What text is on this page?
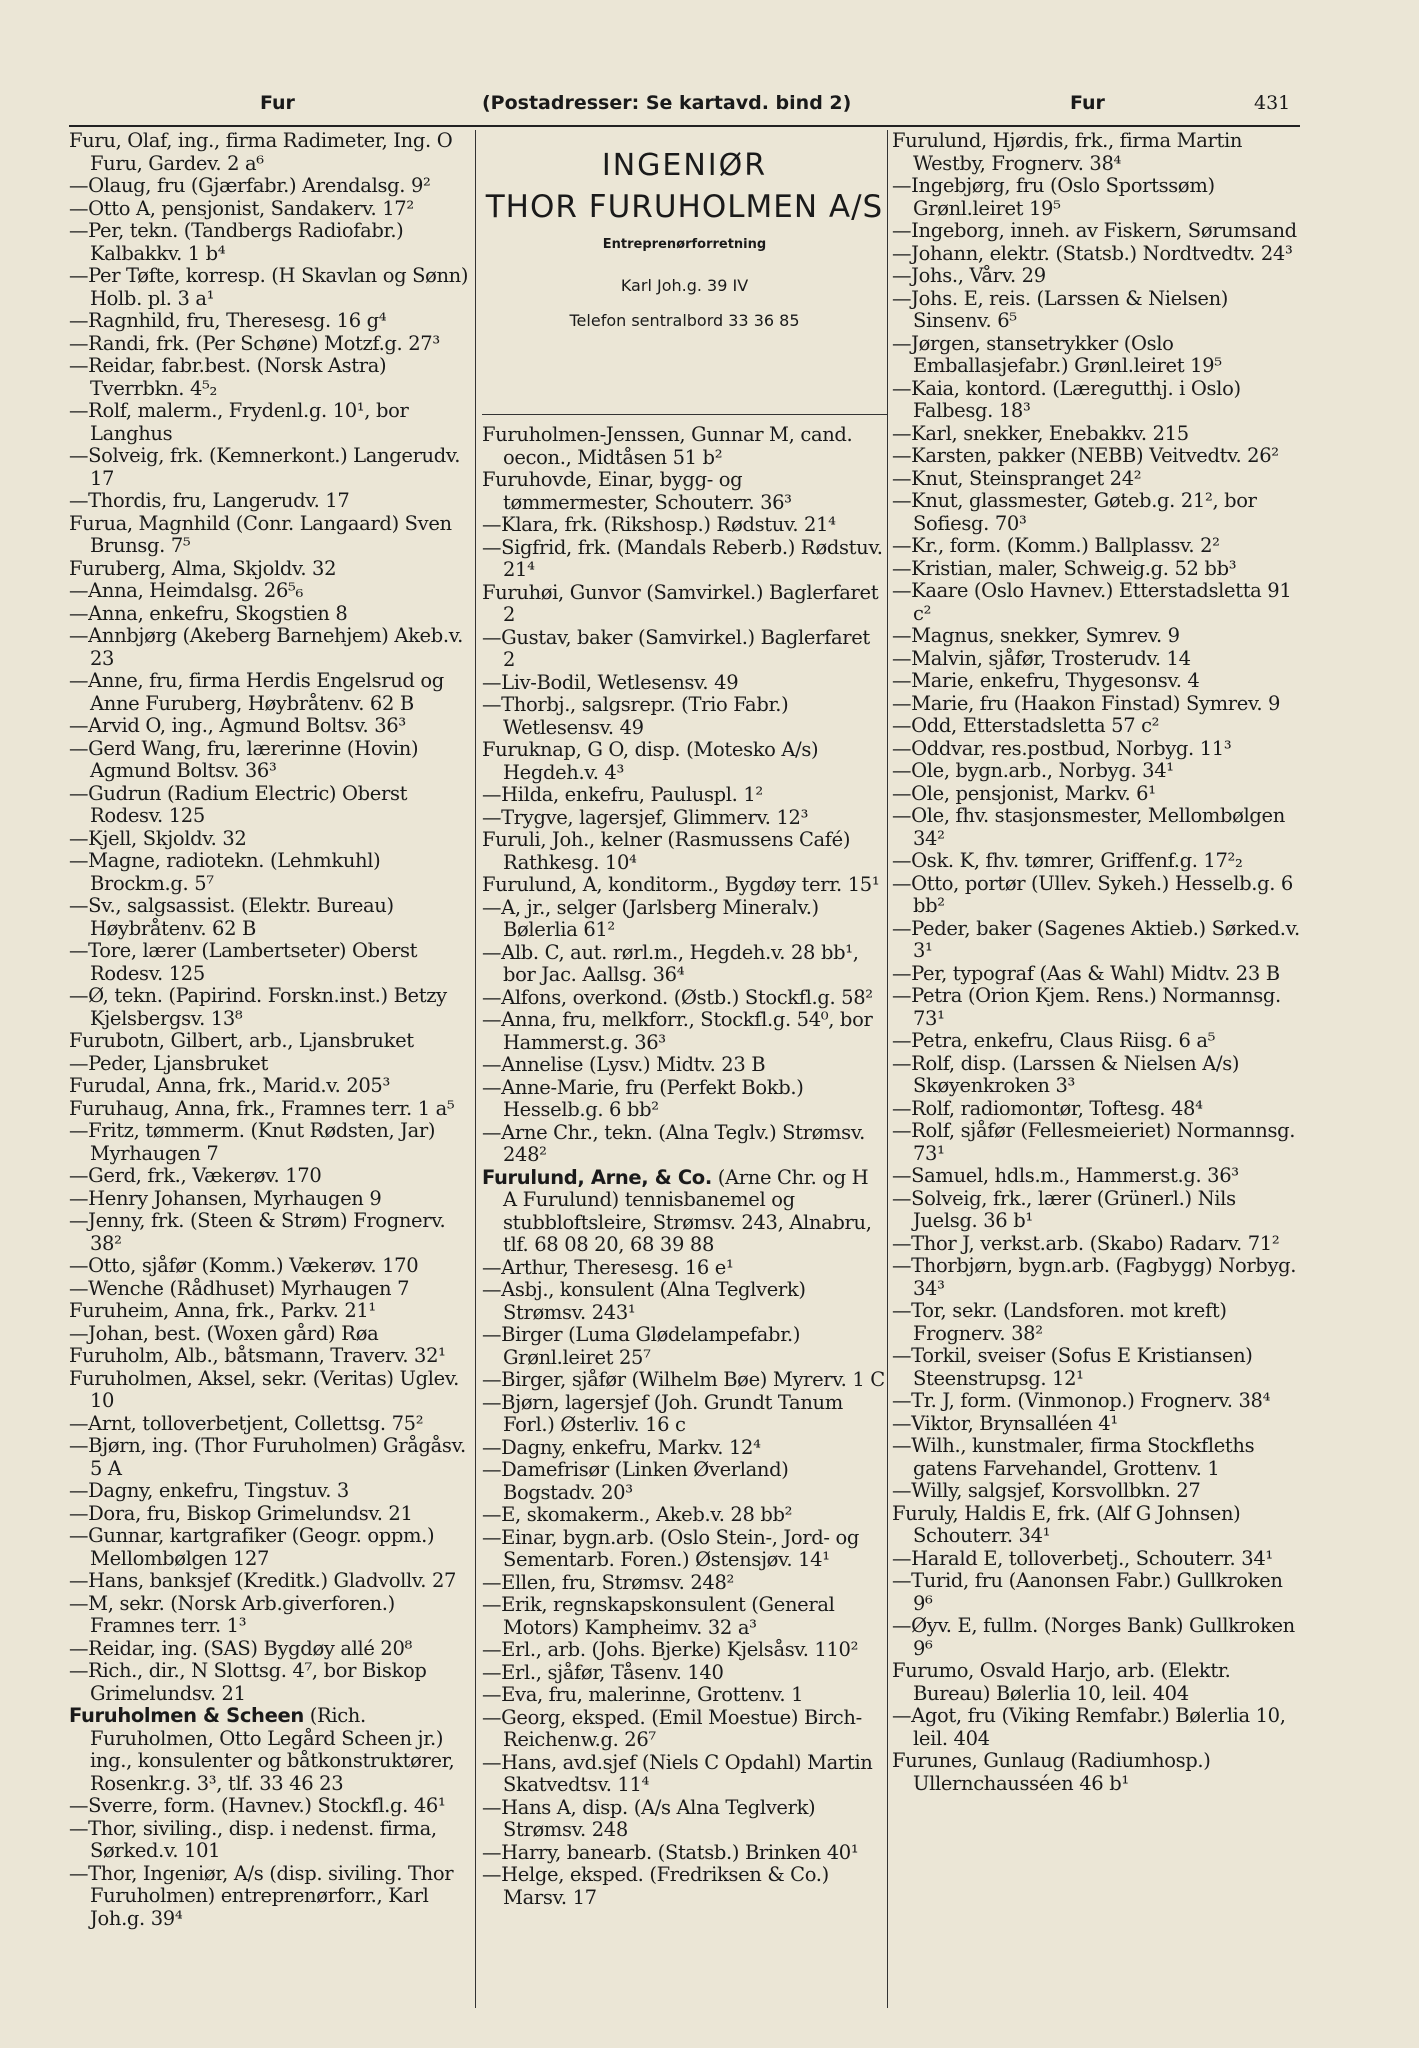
Fur	(Postadresser: Se kartavd. bind 2)	Fur	431

Furu, Olaf, ing., firma Radimeter, Ing. O Furu, Gardev. 2 a⁶

—Olaug, fru (Gjærfabr.) Arendalsg. 9²

—Otto A, pensjonist, Sandakerv. 17²

—Per, tekn. (Tandbergs Radiofabr.) Kalbakkv. 1 b⁴

—Per Tøfte, korresp. (H Skavlan og Sønn) Holb. pl. 3 a¹

—Ragnhild, fru, Theresesg. 16 g⁴

—Randi, frk. (Per Schøne) Motzf.g. 27³

—Reidar, fabr.best. (Norsk Astra) Tverrbkn. 4⁵₂

—Rolf, malerm., Frydenl.g. 10¹, bor Langhus

—Solveig, frk. (Kemnerkont.) Langerudv. 17

—Thordis, fru, Langerudv. 17

Furua, Magnhild (Conr. Langaard) Sven Brunsg. 7⁵

Furuberg, Alma, Skjoldv. 32

—Anna, Heimdalsg. 26⁵₆

—Anna, enkefru, Skogstien 8

—Annbjørg (Akeberg Barnehjem) Akeb.v. 23

—Anne, fru, firma Herdis Engelsrud og Anne Furuberg, Høybråtenv. 62 B

—Arvid O, ing., Agmund Boltsv. 36³

—Gerd Wang, fru, lærerinne (Hovin) Agmund Boltsv. 36³

—Gudrun (Radium Electric) Oberst Rodesv. 125

—Kjell, Skjoldv. 32

—Magne, radiotekn. (Lehmkuhl) Brockm.g. 5⁷

—Sv., salgsassist. (Elektr. Bureau) Høybråtenv. 62 B

—Tore, lærer (Lambertseter) Oberst Rodesv. 125

—Ø, tekn. (Papirind. Forskn.inst.) Betzy Kjelsbergsv. 13⁸

Furubotn, Gilbert, arb., Ljansbruket

—Peder, Ljansbruket

Furudal, Anna, frk., Marid.v. 205³

Furuhaug, Anna, frk., Framnes terr. 1 a⁵

—Fritz, tømmerm. (Knut Rødsten, Jar) Myrhaugen 7

—Gerd, frk., Vækerøv. 170

—Henry Johansen, Myrhaugen 9

—Jenny, frk. (Steen & Strøm) Frognerv. 38²

—Otto, sjåfør (Komm.) Vækerøv. 170

—Wenche (Rådhuset) Myrhaugen 7

Furuheim, Anna, frk., Parkv. 21¹

—Johan, best. (Woxen gård) Røa

Furuholm, Alb., båtsmann, Traverv. 32¹

Furuholmen, Aksel, sekr. (Veritas) Uglev. 10

—Arnt, tolloverbetjent, Collettsg. 75²

—Bjørn, ing. (Thor Furuholmen) Grågåsv. 5 A

—Dagny, enkefru, Tingstuv. 3

—Dora, fru, Biskop Grimelundsv. 21

—Gunnar, kartgrafiker (Geogr. oppm.) Mellombølgen 127

—Hans, banksjef (Kreditk.) Gladvollv. 27

—M, sekr. (Norsk Arb.giverforen.) Framnes terr. 1³

—Reidar, ing. (SAS) Bygdøy allé 20⁸

—Rich., dir., N Slottsg. 4⁷, bor Biskop Grimelundsv. 21

Furuholmen & Scheen (Rich. Furuholmen, Otto Legård Scheen jr.) ing., konsulenter og båtkonstruktører, Rosenkr.g. 3³, tlf. 33 46 23

—Sverre, form. (Havnev.) Stockfl.g. 46¹

—Thor, siviling., disp. i nedenst. firma, Sørked.v. 101

—Thor, Ingeniør, A/s (disp. siviling. Thor Furuholmen) entreprenørforr., Karl Joh.g. 39⁴

INGENIØR
THOR FURUHOLMEN A/S
Entreprenørforretning
Karl Joh.g. 39 IV
Telefon sentralbord 33 36 85

Furuholmen-Jenssen, Gunnar M, cand. oecon., Midtåsen 51 b²

Furuhovde, Einar, bygg- og tømmermester, Schouterr. 36³

—Klara, frk. (Rikshosp.) Rødstuv. 21⁴

—Sigfrid, frk. (Mandals Reberb.) Rødstuv. 21⁴

Furuhøi, Gunvor (Samvirkel.) Baglerfaret 2

—Gustav, baker (Samvirkel.) Baglerfaret 2

—Liv-Bodil, Wetlesensv. 49

—Thorbj., salgsrepr. (Trio Fabr.) Wetlesensv. 49

Furuknap, G O, disp. (Motesko A/s) Hegdeh.v. 4³

—Hilda, enkefru, Pauluspl. 1²

—Trygve, lagersjef, Glimmerv. 12³

Furuli, Joh., kelner (Rasmussens Café) Rathkesg. 10⁴

Furulund, A, konditorm., Bygdøy terr. 15¹

—A, jr., selger (Jarlsberg Mineralv.) Bølerlia 61²

—Alb. C, aut. rørl.m., Hegdeh.v. 28 bb¹, bor Jac. Aallsg. 36⁴

—Alfons, overkond. (Østb.) Stockfl.g. 58²

—Anna, fru, melkforr., Stockfl.g. 54⁰, bor Hammerst.g. 36³

—Annelise (Lysv.) Midtv. 23 B

—Anne-Marie, fru (Perfekt Bokb.) Hesselb.g. 6 bb²

—Arne Chr., tekn. (Alna Teglv.) Strømsv. 248²

Furulund, Arne, & Co. (Arne Chr. og H A Furulund) tennisbanemel og stubbloftsleire, Strømsv. 243, Alnabru, tlf. 68 08 20, 68 39 88

—Arthur, Theresesg. 16 e¹

—Asbj., konsulent (Alna Teglverk) Strømsv. 243¹

—Birger (Luma Glødelampefabr.) Grønl.leiret 25⁷

—Birger, sjåfør (Wilhelm Bøe) Myrerv. 1 C

—Bjørn, lagersjef (Joh. Grundt Tanum Forl.) Østerliv. 16 c

—Dagny, enkefru, Markv. 12⁴

—Damefrisør (Linken Øverland) Bogstadv. 20³

—E, skomakerm., Akeb.v. 28 bb²

—Einar, bygn.arb. (Oslo Stein-, Jord- og Sementarb. Foren.) Østensjøv. 14¹

—Ellen, fru, Strømsv. 248²

—Erik, regnskapskonsulent (General Motors) Kampheimv. 32 a³

—Erl., arb. (Johs. Bjerke) Kjelsåsv. 110²

—Erl., sjåfør, Tåsenv. 140

—Eva, fru, malerinne, Grottenv. 1

—Georg, eksped. (Emil Moestue) Birch-Reichenw.g. 26⁷

—Hans, avd.sjef (Niels C Opdahl) Martin Skatvedtsv. 11⁴

—Hans A, disp. (A/s Alna Teglverk) Strømsv. 248

—Harry, banearb. (Statsb.) Brinken 40¹

—Helge, eksped. (Fredriksen & Co.) Marsv. 17

Furulund, Hjørdis, frk., firma Martin Westby, Frognerv. 38⁴

—Ingebjørg, fru (Oslo Sportssøm) Grønl.leiret 19⁵

—Ingeborg, inneh. av Fiskern, Sørumsand

—Johann, elektr. (Statsb.) Nordtvedtv. 24³

—Johs., Vårv. 29

—Johs. E, reis. (Larssen & Nielsen) Sinsenv. 6⁵

—Jørgen, stansetrykker (Oslo Emballasjefabr.) Grønl.leiret 19⁵

—Kaia, kontord. (Læregutthj. i Oslo) Falbesg. 18³

—Karl, snekker, Enebakkv. 215

—Karsten, pakker (NEBB) Veitvedtv. 26²

—Knut, Steinspranget 24²

—Knut, glassmester, Gøteb.g. 21², bor Sofiesg. 70³

—Kr., form. (Komm.) Ballplassv. 2²

—Kristian, maler, Schweig.g. 52 bb³

—Kaare (Oslo Havnev.) Etterstadsletta 91 c²

—Magnus, snekker, Symrev. 9

—Malvin, sjåfør, Trosterudv. 14

—Marie, enkefru, Thygesonsv. 4

—Marie, fru (Haakon Finstad) Symrev. 9

—Odd, Etterstadsletta 57 c²

—Oddvar, res.postbud, Norbyg. 11³

—Ole, bygn.arb., Norbyg. 34¹

—Ole, pensjonist, Markv. 6¹

—Ole, fhv. stasjonsmester, Mellombølgen 34²

—Osk. K, fhv. tømrer, Griffenf.g. 17²₂

—Otto, portør (Ullev. Sykeh.) Hesselb.g. 6 bb²

—Peder, baker (Sagenes Aktieb.) Sørked.v. 3¹

—Per, typograf (Aas & Wahl) Midtv. 23 B

—Petra (Orion Kjem. Rens.) Normannsg. 73¹

—Petra, enkefru, Claus Riisg. 6 a⁵

—Rolf, disp. (Larssen & Nielsen A/s) Skøyenkroken 3³

—Rolf, radiomontør, Toftesg. 48⁴

—Rolf, sjåfør (Fellesmeieriet) Normannsg. 73¹

—Samuel, hdls.m., Hammerst.g. 36³

—Solveig, frk., lærer (Grünerl.) Nils Juelsg. 36 b¹

—Thor J, verkst.arb. (Skabo) Radarv. 71²

—Thorbjørn, bygn.arb. (Fagbygg) Norbyg. 34³

—Tor, sekr. (Landsforen. mot kreft) Frognerv. 38²

—Torkil, sveiser (Sofus E Kristiansen) Steenstrupsg. 12¹

—Tr. J, form. (Vinmonop.) Frognerv. 38⁴

—Viktor, Brynsalléen 4¹

—Wilh., kunstmaler, firma Stockfleths gatens Farvehandel, Grottenv. 1

—Willy, salgsjef, Korsvollbkn. 27

Furuly, Haldis E, frk. (Alf G Johnsen) Schouterr. 34¹

—Harald E, tolloverbetj., Schouterr. 34¹

—Turid, fru (Aanonsen Fabr.) Gullkroken 9⁶

—Øyv. E, fullm. (Norges Bank) Gullkroken 9⁶

Furumo, Osvald Harjo, arb. (Elektr. Bureau) Bølerlia 10, leil. 404

—Agot, fru (Viking Remfabr.) Bølerlia 10, leil. 404

Furunes, Gunlaug (Radiumhosp.) Ullernchausséen 46 b¹
